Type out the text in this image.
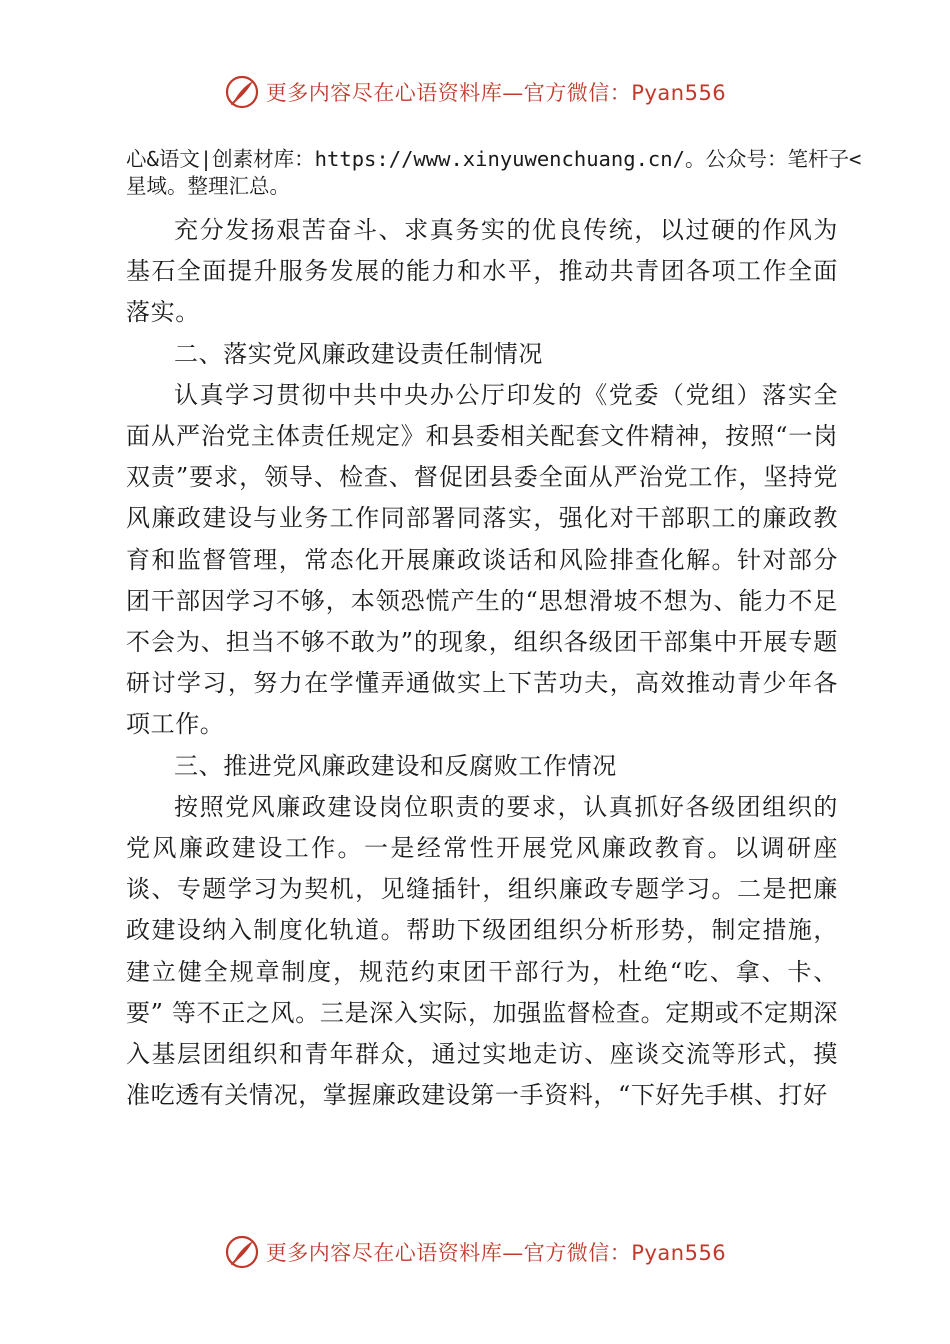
更多内容尽在心语资料库—官方微信：Pyan556

心&语文|创素材库：https://www.xinyuwenchuang.cn/。公众号：笔杆子<星域。整理汇总。

充分发扬艰苦奋斗、求真务实的优良传统，以过硬的作风为基石全面提升服务发展的能力和水平，推动共青团各项工作全面落实。

二、落实党风廉政建设责任制情况

认真学习贯彻中共中央办公厅印发的《党委（党组）落实全面从严治党主体责任规定》和县委相关配套文件精神，按照“一岗双责”要求，领导、检查、督促团县委全面从严治党工作，坚持党风廉政建设与业务工作同部署同落实，强化对干部职工的廉政教育和监督管理，常态化开展廉政谈话和风险排查化解。针对部分团干部因学习不够，本领恐慌产生的“思想滑坡不想为、能力不足不会为、担当不够不敢为”的现象，组织各级团干部集中开展专题研讨学习，努力在学懂弄通做实上下苦功夫，高效推动青少年各项工作。

三、推进党风廉政建设和反腐败工作情况

按照党风廉政建设岗位职责的要求，认真抓好各级团组织的党风廉政建设工作。一是经常性开展党风廉政教育。以调研座谈、专题学习为契机，见缝插针，组织廉政专题学习。二是把廉政建设纳入制度化轨道。帮助下级团组织分析形势，制定措施，建立健全规章制度，规范约束团干部行为，杜绝“吃、拿、卡、要” 等不正之风。三是深入实际，加强监督检查。定期或不定期深入基层团组织和青年群众，通过实地走访、座谈交流等形式，摸准吃透有关情况，掌握廉政建设第一手资料，“下好先手棋、打好

更多内容尽在心语资料库—官方微信：Pyan556
